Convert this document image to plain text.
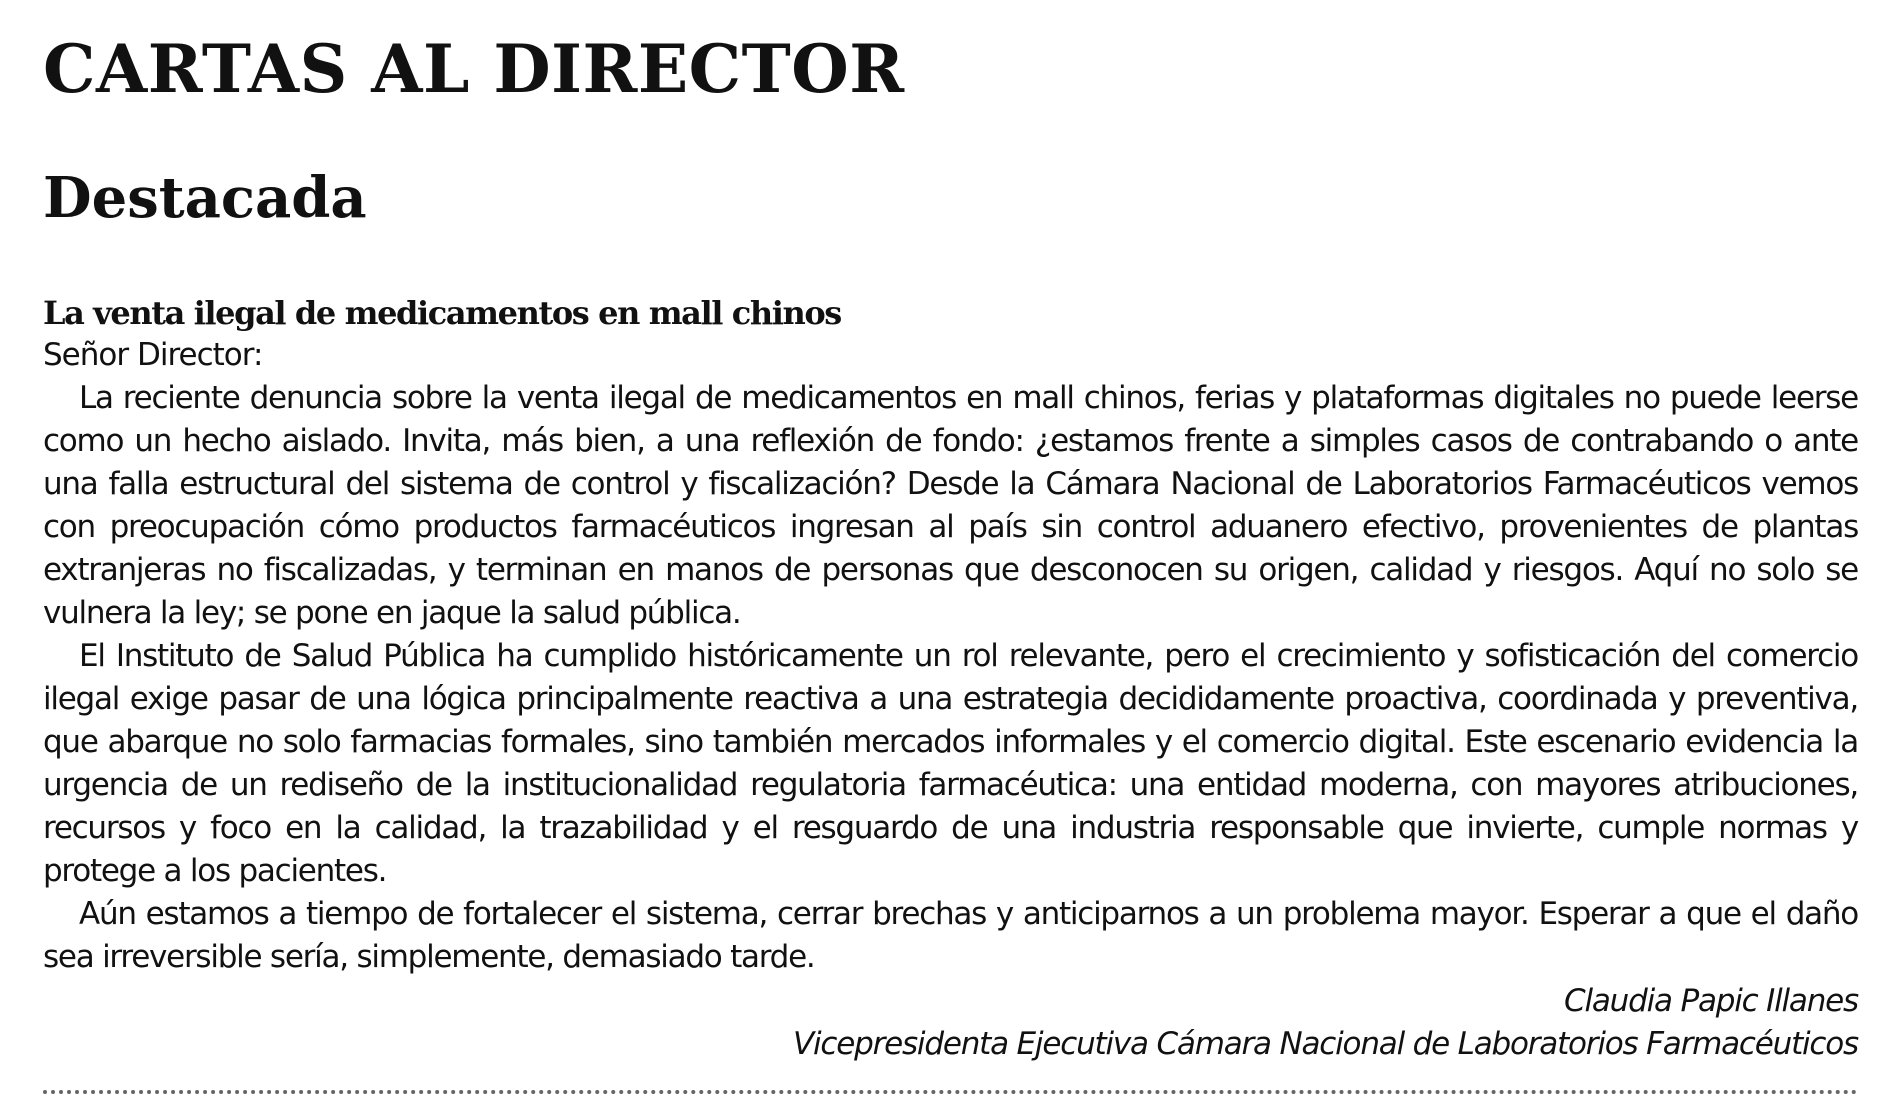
CARTAS AL DIRECTOR
Destacada
La venta ilegal de medicamentos en mall chinos

Señor Director:

La reciente denuncia sobre la venta ilegal de medicamentos en mall chinos, ferias y plataformas digitales no puede leerse como un hecho aislado. Invita, más bien, a una reflexión de fondo: ¿estamos frente a simples casos de contrabando o ante una falla estructural del sistema de control y fiscalización? Desde la Cámara Nacional de Laboratorios Farmacéuticos vemos con preocupación cómo productos farmacéuticos ingresan al país sin control aduanero efectivo, provenientes de plantas extranjeras no fiscalizadas, y terminan en manos de personas que desconocen su origen, calidad y riesgos. Aquí no solo se vulnera la ley; se pone en jaque la salud pública.

El Instituto de Salud Pública ha cumplido históricamente un rol relevante, pero el crecimiento y sofisticación del comercio ilegal exige pasar de una lógica principalmente reactiva a una estrategia decididamente proactiva, coordinada y preventiva, que abarque no solo farmacias formales, sino también mercados informales y el comercio digital. Este escenario evidencia la urgencia de un rediseño de la institucionalidad regulatoria farmacéutica: una entidad moderna, con mayores atribuciones, recursos y foco en la calidad, la trazabilidad y el resguardo de una industria responsable que invierte, cumple normas y protege a los pacientes.

Aún estamos a tiempo de fortalecer el sistema, cerrar brechas y anticiparnos a un problema mayor. Esperar a que el daño sea irreversible sería, simplemente, demasiado tarde.

Claudia Papic Illanes
Vicepresidenta Ejecutiva Cámara Nacional de Laboratorios Farmacéuticos
